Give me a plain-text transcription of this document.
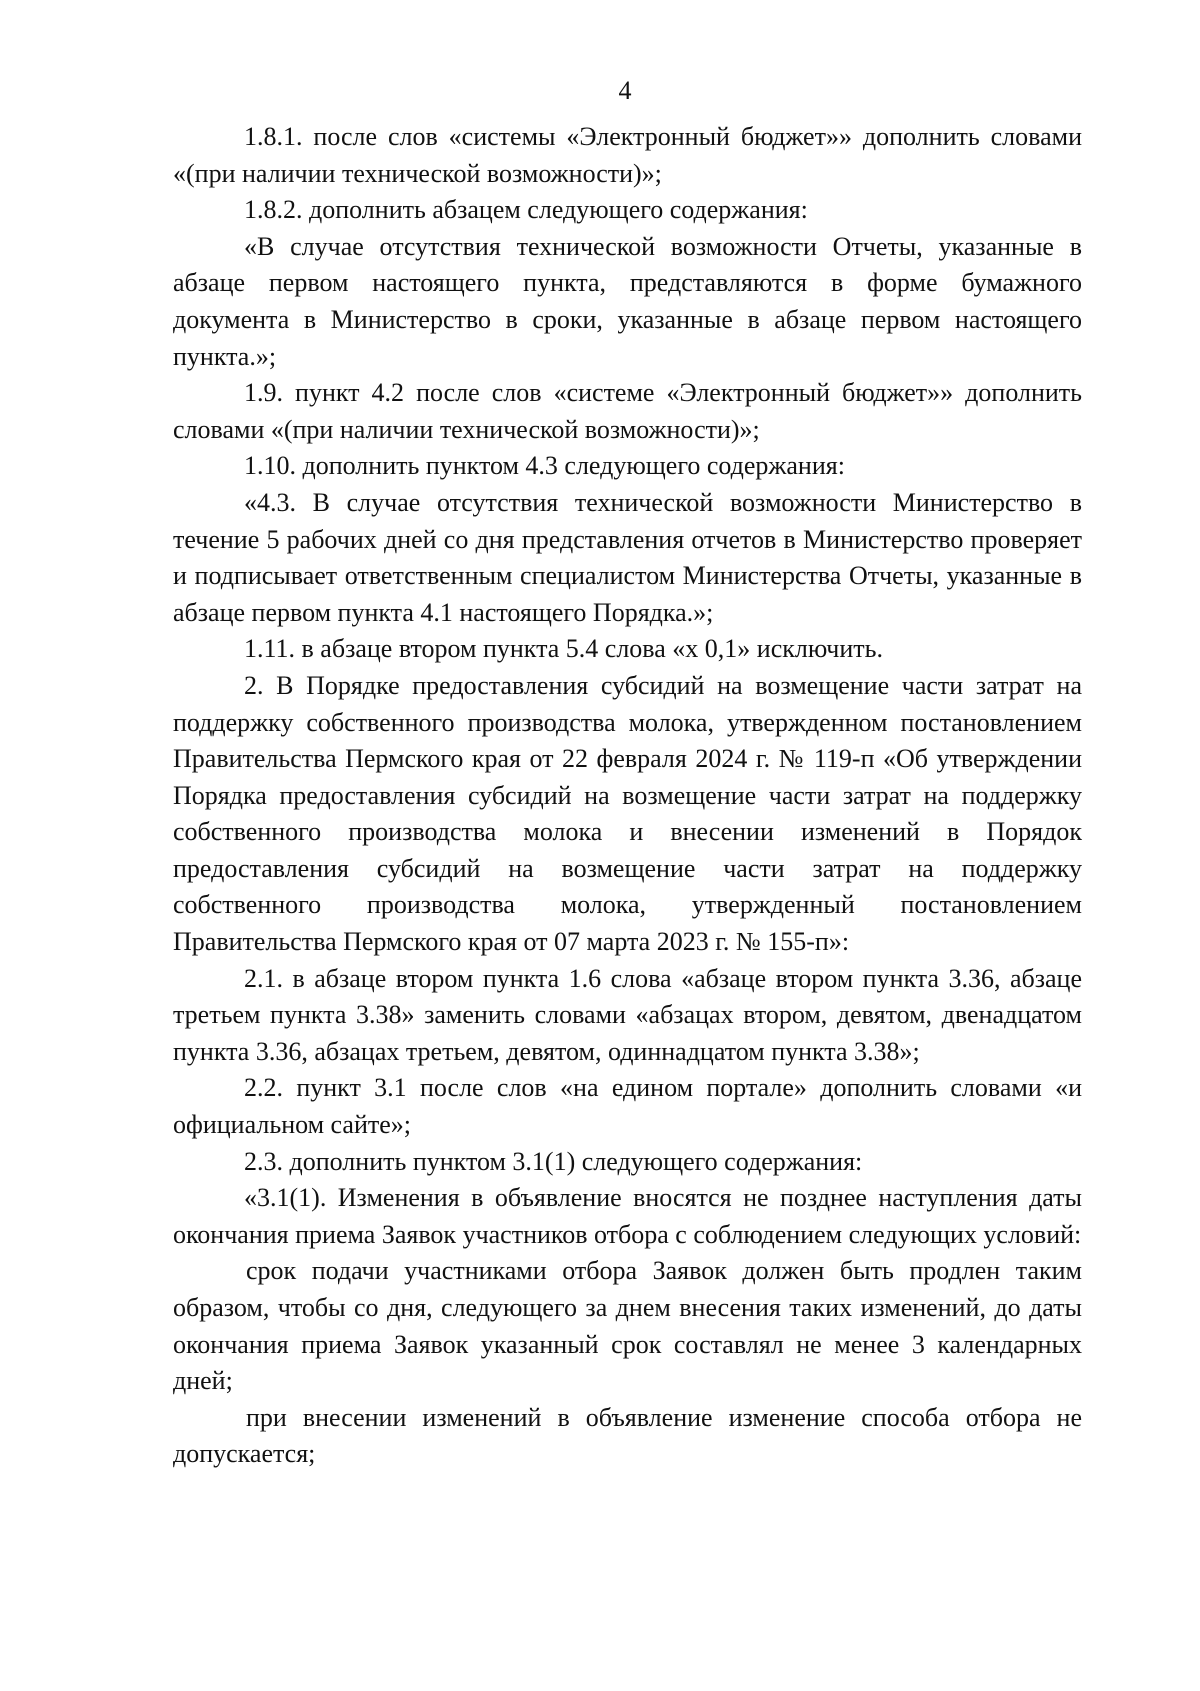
4

1.8.1. после слов «системы «Электронный бюджет»» дополнить словами «(при наличии технической возможности)»;

1.8.2. дополнить абзацем следующего содержания:

«В случае отсутствия технической возможности Отчеты, указанные в абзаце первом настоящего пункта, представляются в форме бумажного документа в Министерство в сроки, указанные в абзаце первом настоящего пункта.»;

1.9. пункт 4.2 после слов «системе «Электронный бюджет»» дополнить словами «(при наличии технической возможности)»;

1.10. дополнить пунктом 4.3 следующего содержания:

«4.3. В случае отсутствия технической возможности Министерство в течение 5 рабочих дней со дня представления отчетов в Министерство проверяет и подписывает ответственным специалистом Министерства Отчеты, указанные в абзаце первом пункта 4.1 настоящего Порядка.»;

1.11. в абзаце втором пункта 5.4 слова «х 0,1» исключить.

2. В Порядке предоставления субсидий на возмещение части затрат на поддержку собственного производства молока, утвержденном постановлением Правительства Пермского края от 22 февраля 2024 г. № 119-п «Об утверждении Порядка предоставления субсидий на возмещение части затрат на поддержку собственного производства молока и внесении изменений в Порядок предоставления субсидий на возмещение части затрат на поддержку собственного производства молока, утвержденный постановлением Правительства Пермского края от 07 марта 2023 г. № 155-п»:

2.1. в абзаце втором пункта 1.6 слова «абзаце втором пункта 3.36, абзаце третьем пункта 3.38» заменить словами «абзацах втором, девятом, двенадцатом пункта 3.36, абзацах третьем, девятом, одиннадцатом пункта 3.38»;

2.2. пункт 3.1 после слов «на едином портале» дополнить словами «и официальном сайте»;

2.3. дополнить пунктом 3.1(1) следующего содержания:

«3.1(1). Изменения в объявление вносятся не позднее наступления даты окончания приема Заявок участников отбора с соблюдением следующих условий:

срок подачи участниками отбора Заявок должен быть продлен таким образом, чтобы со дня, следующего за днем внесения таких изменений, до даты окончания приема Заявок указанный срок составлял не менее 3 календарных дней;

при внесении изменений в объявление изменение способа отбора не допускается;
